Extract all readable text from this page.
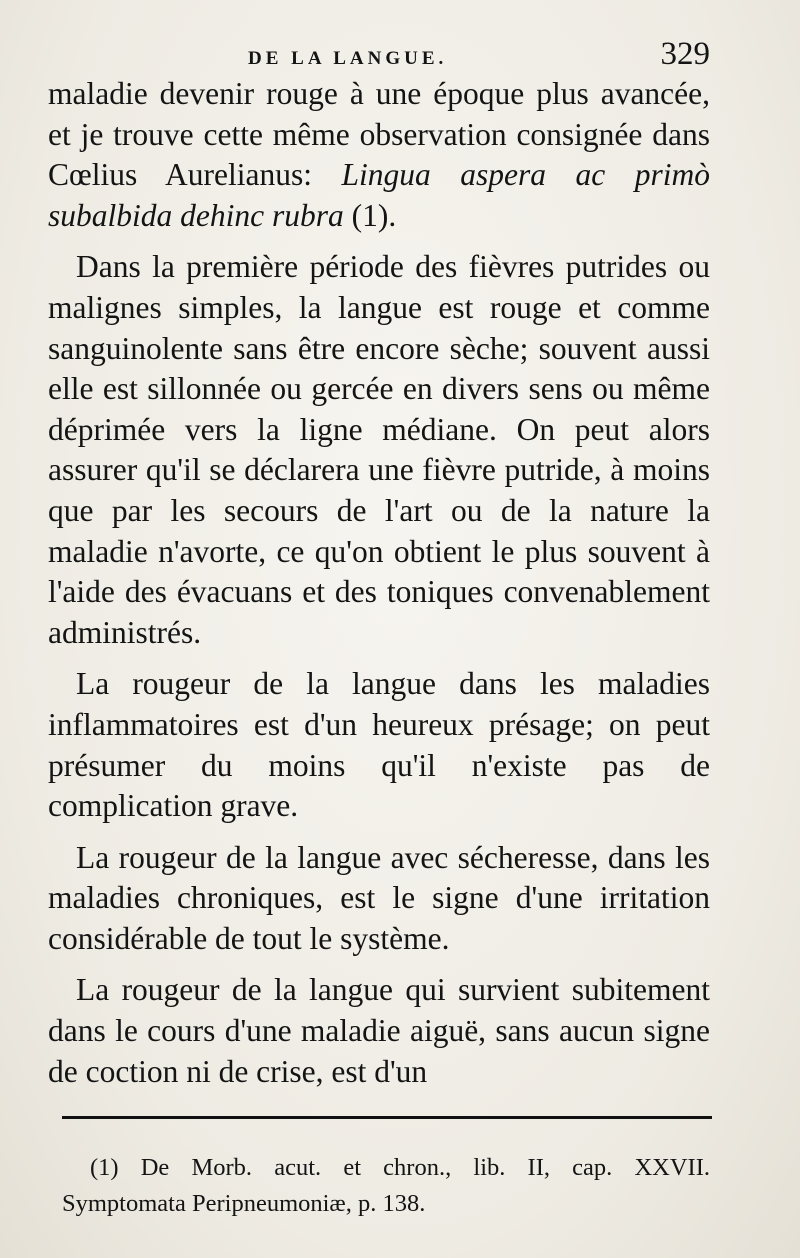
DE LA LANGUE.	329

maladie devenir rouge à une époque plus avancée, et je trouve cette même observation consignée dans Cœlius Aurelianus: Lingua aspera ac primò subalbida dehinc rubra (1).

Dans la première période des fièvres putrides ou malignes simples, la langue est rouge et comme sanguinolente sans être encore sèche; souvent aussi elle est sillonnée ou gercée en divers sens ou même déprimée vers la ligne médiane. On peut alors assurer qu'il se déclarera une fièvre putride, à moins que par les secours de l'art ou de la nature la maladie n'avorte, ce qu'on obtient le plus souvent à l'aide des évacuans et des toniques convenablement administrés.

La rougeur de la langue dans les maladies inflammatoires est d'un heureux présage; on peut présumer du moins qu'il n'existe pas de complication grave.

La rougeur de la langue avec sécheresse, dans les maladies chroniques, est le signe d'une irritation considérable de tout le système.

La rougeur de la langue qui survient subitement dans le cours d'une maladie aiguë, sans aucun signe de coction ni de crise, est d'un

(1) De Morb. acut. et chron., lib. II, cap. XXVII.

Symptomata Peripneumoniæ, p. 138.
